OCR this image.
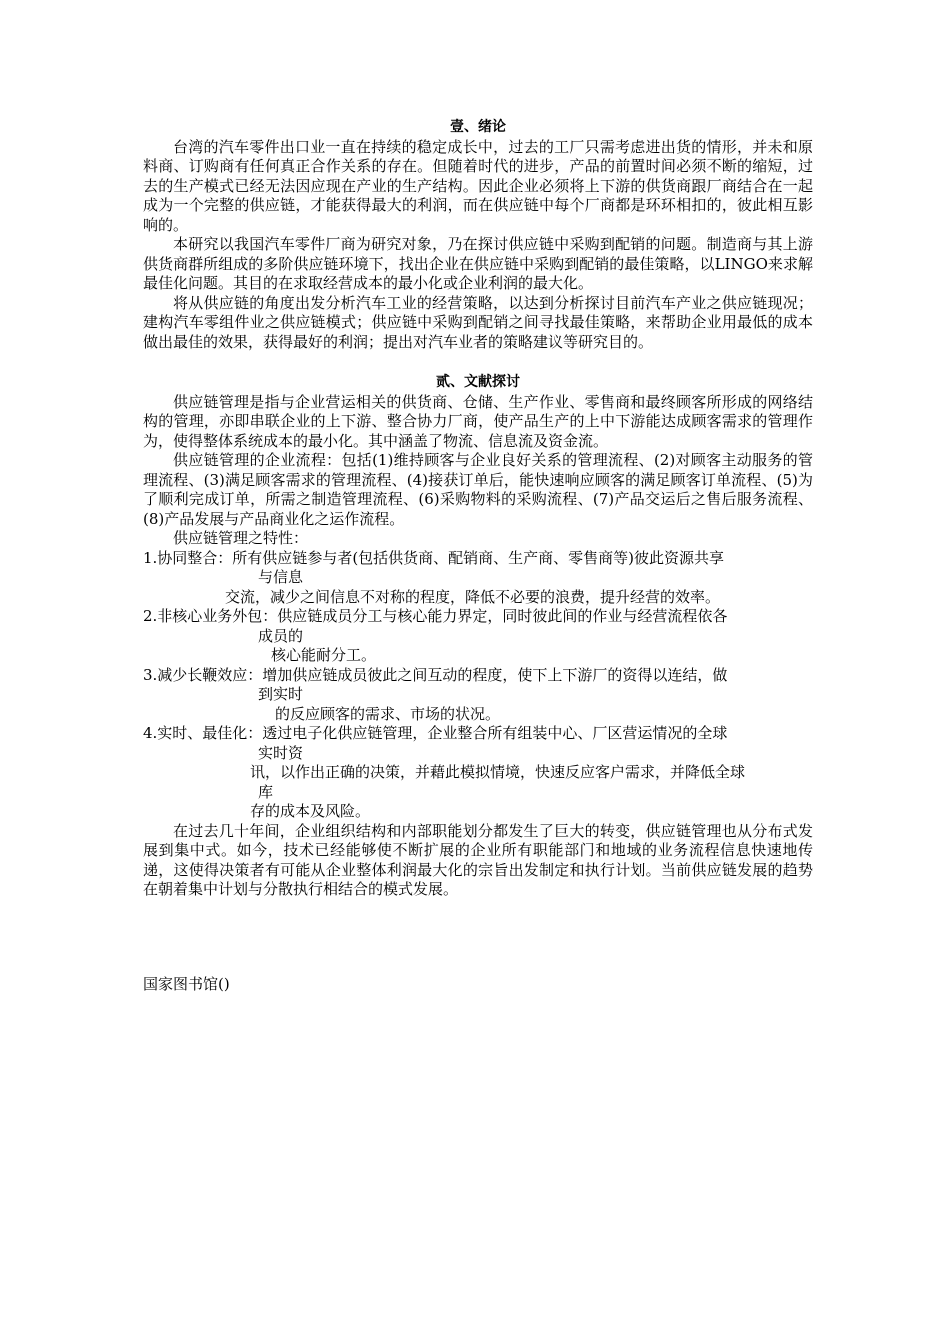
壹、绪论

台湾的汽车零件出口业一直在持续的稳定成长中，过去的工厂只需考虑进出货的情形，并未和原料商、订购商有任何真正合作关系的存在。但随着时代的进步，产品的前置时间必须不断的缩短，过去的生产模式已经无法因应现在产业的生产结构。因此企业必须将上下游的供货商跟厂商结合在一起成为一个完整的供应链，才能获得最大的利润，而在供应链中每个厂商都是环环相扣的，彼此相互影响的。

本研究以我国汽车零件厂商为研究对象，乃在探讨供应链中采购到配销的问题。制造商与其上游供货商群所组成的多阶供应链环境下，找出企业在供应链中采购到配销的最佳策略，以LINGO来求解最佳化问题。其目的在求取经营成本的最小化或企业利润的最大化。

将从供应链的角度出发分析汽车工业的经营策略，以达到分析探讨目前汽车产业之供应链现况；建构汽车零组件业之供应链模式；供应链中采购到配销之间寻找最佳策略，来帮助企业用最低的成本做出最佳的效果，获得最好的利润；提出对汽车业者的策略建议等研究目的。

贰、文献探讨

供应链管理是指与企业营运相关的供货商、仓储、生产作业、零售商和最终顾客所形成的网络结构的管理，亦即串联企业的上下游、整合协力厂商，使产品生产的上中下游能达成顾客需求的管理作为，使得整体系统成本的最小化。其中涵盖了物流、信息流及资金流。

供应链管理的企业流程：包括(1)维持顾客与企业良好关系的管理流程、(2)对顾客主动服务的管理流程、(3)满足顾客需求的管理流程、(4)接获订单后，能快速响应顾客的满足顾客订单流程、(5)为了顺利完成订单，所需之制造管理流程、(6)采购物料的采购流程、(7)产品交运后之售后服务流程、(8)产品发展与产品商业化之运作流程。

供应链管理之特性：

1.协同整合：所有供应链参与者(包括供货商、配销商、生产商、零售商等)彼此资源共享

与信息

交流，减少之间信息不对称的程度，降低不必要的浪费，提升经营的效率。

2.非核心业务外包：供应链成员分工与核心能力界定，同时彼此间的作业与经营流程依各

成员的

核心能耐分工。

3.减少长鞭效应：增加供应链成员彼此之间互动的程度，使下上下游厂的资得以连结，做

到实时

的反应顾客的需求、市场的状况。

4.实时、最佳化：透过电子化供应链管理，企业整合所有组装中心、厂区营运情况的全球

实时资

讯，以作出正确的决策，并藉此模拟情境，快速反应客户需求，并降低全球

库

存的成本及风险。

在过去几十年间，企业组织结构和内部职能划分都发生了巨大的转变，供应链管理也从分布式发展到集中式。如今，技术已经能够使不断扩展的企业所有职能部门和地域的业务流程信息快速地传递，这使得决策者有可能从企业整体利润最大化的宗旨出发制定和执行计划。当前供应链发展的趋势在朝着集中计划与分散执行相结合的模式发展。

国家图书馆()
